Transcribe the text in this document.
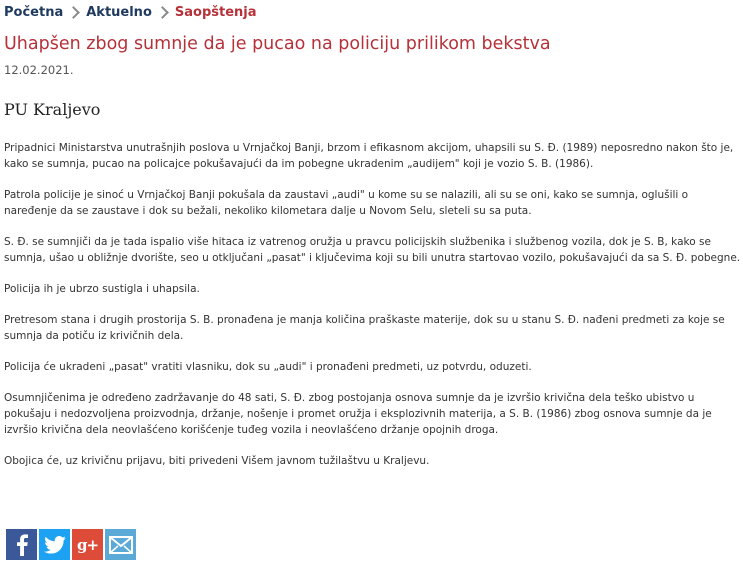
Početna Aktuelno Saopštenja
Uhapšen zbog sumnje da je pucao na policiju prilikom bekstva
12.02.2021.
PU Kraljevo

Pripadnici Ministarstva unutrašnjih poslova u Vrnjačkoj Banji, brzom i efikasnom akcijom, uhapsili su S. Đ. (1989) neposredno nakon što je, kako se sumnja, pucao na policajce pokušavajući da im pobegne ukradenim „audijem" koji je vozio S. B. (1986).

Patrola policije je sinoć u Vrnjačkoj Banji pokušala da zaustavi „audi" u kome su se nalazili, ali su se oni, kako se sumnja, oglušili o naređenje da se zaustave i dok su bežali, nekoliko kilometara dalje u Novom Selu, sleteli su sa puta.

S. Đ. se sumnjiči da je tada ispalio više hitaca iz vatrenog oružja u pravcu policijskih službenika i službenog vozila, dok je S. B, kako se sumnja, ušao u obližnje dvorište, seo u otključani „pasat" i ključevima koji su bili unutra startovao vozilo, pokušavajući da sa S. Đ. pobegne.

Policija ih je ubrzo sustigla i uhapsila.

Pretresom stana i drugih prostorija S. B. pronađena je manja količina praškaste materije, dok su u stanu S. Đ. nađeni predmeti za koje se sumnja da potiču iz krivičnih dela.

Policija će ukradeni „pasat" vratiti vlasniku, dok su „audi" i pronađeni predmeti, uz potvrdu, oduzeti.

Osumnjičenima je određeno zadržavanje do 48 sati, S. Đ. zbog postojanja osnova sumnje da je izvršio krivična dela teško ubistvo u pokušaju i nedozvoljena proizvodnja, držanje, nošenje i promet oružja i eksplozivnih materija, a S. B. (1986) zbog osnova sumnje da je izvršio krivična dela neovlašćeno korišćenje tuđeg vozila i neovlašćeno držanje opojnih droga.

Obojica će, uz krivičnu prijavu, biti privedeni Višem javnom tužilaštvu u Kraljevu.

g+
